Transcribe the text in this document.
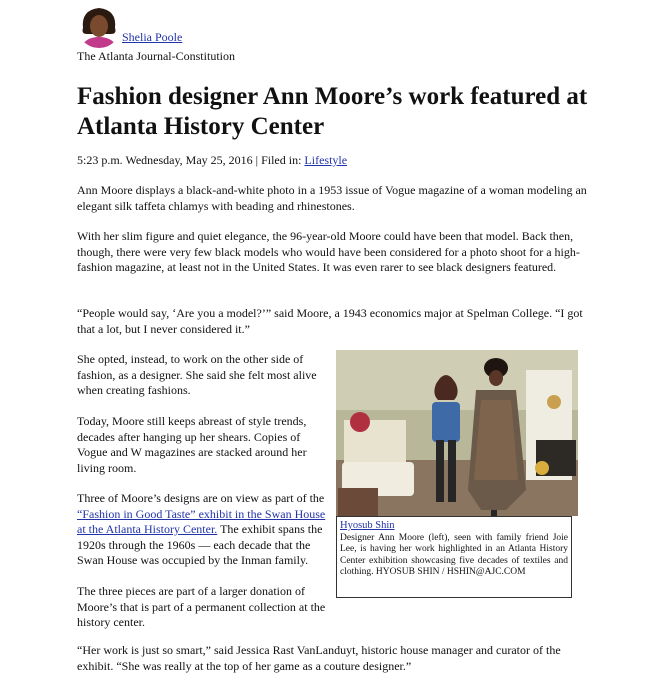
Shelia Poole
The Atlanta Journal-Constitution
Fashion designer Ann Moore’s work featured at Atlanta History Center
5:23 p.m. Wednesday, May 25, 2016 | Filed in: Lifestyle

Ann Moore displays a black-and-white photo in a 1953 issue of Vogue magazine of a woman modeling an elegant silk taffeta chlamys with beading and rhinestones.

With her slim figure and quiet elegance, the 96-year-old Moore could have been that model. Back then, though, there were very few black models who would have been considered for a photo shoot for a high-fashion magazine, at least not in the United States. It was even rarer to see black designers featured.

“People would say, ‘Are you a model?’” said Moore, a 1943 economics major at Spelman College. “I got that a lot, but I never considered it.”

She opted, instead, to work on the other side of fashion, as a designer. She said she felt most alive when creating fashions.

Today, Moore still keeps abreast of style trends, decades after hanging up her shears. Copies of Vogue and W magazines are stacked around her living room.

Three of Moore’s designs are on view as part of the “Fashion in Good Taste” exhibit in the Swan House at the Atlanta History Center. The exhibit spans the 1920s through the 1960s — each decade that the Swan House was occupied by the Inman family.

The three pieces are part of a larger donation of Moore’s that is part of a permanent collection at the history center.

“Her work is just so smart,” said Jessica Rast VanLanduyt, historic house manager and curator of the exhibit. “She was really at the top of her game as a couture designer.”

Hyosub Shin
Designer Ann Moore (left), seen with family friend Joie Lee, is having her work highlighted in an Atlanta History Center exhibition showcasing five decades of textiles and clothing. HYOSUB SHIN / HSHIN@AJC.COM
